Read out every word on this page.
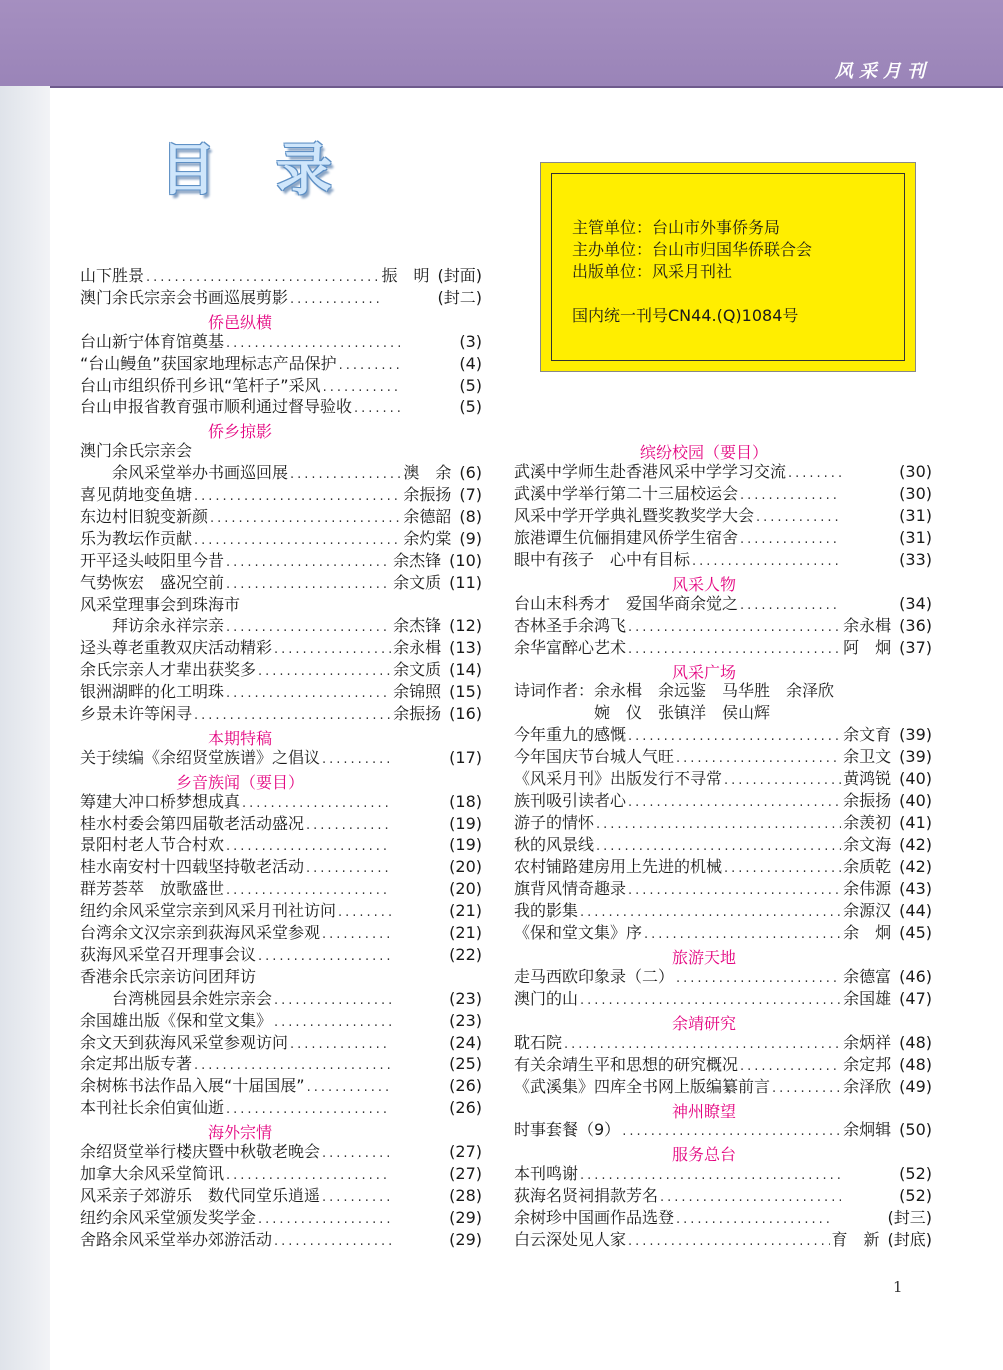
风采月刊
目录
主管单位：台山市外事侨务局
主办单位：台山市归国华侨联合会
出版单位：风采月刊社
国内统一刊号CN44.(Q)1084号
山下胜景 .....	振　明 (封面)
澳门余氏宗亲会书画巡展剪影 .....	(封二)
侨邑纵横
台山新宁体育馆奠基 .....	(3)
“台山鳗鱼”获国家地理标志产品保护 .....	(4)
台山市组织侨刊乡讯“笔杆子”采风 .....	(5)
台山申报省教育强市顺利通过督导验收 .....	(5)
侨乡掠影
澳门余氏宗亲会
　　余风采堂举办书画巡回展 .....	澳　余 (6)
喜见荫地变鱼塘 .....	余振扬 (7)
东边村旧貌变新颜 .....	余德韶 (8)
乐为教坛作贡献 .....	余灼棠 (9)
开平迳头岐阳里今昔 .....	余杰锋 (10)
气势恢宏　盛况空前 .....	余文质 (11)
风采堂理事会到珠海市
　　拜访余永祥宗亲 .....	余杰锋 (12)
迳头尊老重教双庆活动精彩 .....	余永楫 (13)
余氏宗亲人才辈出获奖多 .....	余文质 (14)
银洲湖畔的化工明珠 .....	余锦照 (15)
乡景未许等闲寻 .....	余振扬 (16)
本期特稿
关于续编《余绍贤堂族谱》之倡议 .....	(17)
乡音族闻（要目）
筹建大冲口桥梦想成真 .....	(18)
桂水村委会第四届敬老活动盛况 .....	(19)
景阳村老人节合村欢 .....	(19)
桂水南安村十四载坚持敬老活动 .....	(20)
群芳荟萃　放歌盛世 .....	(20)
纽约余风采堂宗亲到风采月刊社访问 .....	(21)
台湾余文汉宗亲到荻海风采堂参观 .....	(21)
荻海风采堂召开理事会议 .....	(22)
香港余氏宗亲访问团拜访
　　台湾桃园县余姓宗亲会 .....	(23)
余国雄出版《保和堂文集》 .....	(23)
余文天到荻海风采堂参观访问 .....	(24)
余定邦出版专著 .....	(25)
余树栋书法作品入展“十届国展” .....	(26)
本刊社长余伯寅仙逝 .....	(26)
海外宗情
余绍贤堂举行楼庆暨中秋敬老晚会 .....	(27)
加拿大余风采堂简讯 .....	(27)
风采亲子郊游乐　数代同堂乐逍遥 .....	(28)
纽约余风采堂颁发奖学金 .....	(29)
舍路余风采堂举办郊游活动 .....	(29)
缤纷校园（要目）
武溪中学师生赴香港风采中学学习交流 .....	(30)
武溪中学举行第二十三届校运会 .....	(30)
风采中学开学典礼暨奖教奖学大会 .....	(31)
旅港谭生伉俪捐建风侨学生宿舍 .....	(31)
眼中有孩子　心中有目标 .....	(33)
风采人物
台山末科秀才　爱国华商余觉之 .....	(34)
杏林圣手余鸿飞 .....	余永楫 (36)
余华富醉心艺术 .....	阿　炯 (37)
风采广场
诗词作者：余永楫　余远鉴　马华胜　余泽欣
　　　　　婉　仪　张镇洋　侯山辉
今年重九的感慨 .....	余文育 (39)
今年国庆节台城人气旺 .....	余卫文 (39)
《风采月刊》出版发行不寻常 .....	黄鸿锐 (40)
族刊吸引读者心 .....	余振扬 (40)
游子的情怀 .....	余羡初 (41)
秋的风景线 .....	余文海 (42)
农村铺路建房用上先进的机械 .....	余质乾 (42)
旗背风情奇趣录 .....	余伟源 (43)
我的影集 .....	余源汉 (44)
《保和堂文集》序 .....	余　炯 (45)
旅游天地
走马西欧印象录（二） .....	余德富 (46)
澳门的山 .....	余国雄 (47)
余靖研究
耽石院 .....	余炳祥 (48)
有关余靖生平和思想的研究概况 .....	余定邦 (48)
《武溪集》四库全书网上版编纂前言 .....	余泽欣 (49)
神州瞭望
时事套餐（9） .....	余炯辑 (50)
服务总台
本刊鸣谢 .....	(52)
荻海名贤祠捐款芳名 .....	(52)
余树珍中国画作品选登 .....	(封三)
白云深处见人家 .....	育　新 (封底)
1
